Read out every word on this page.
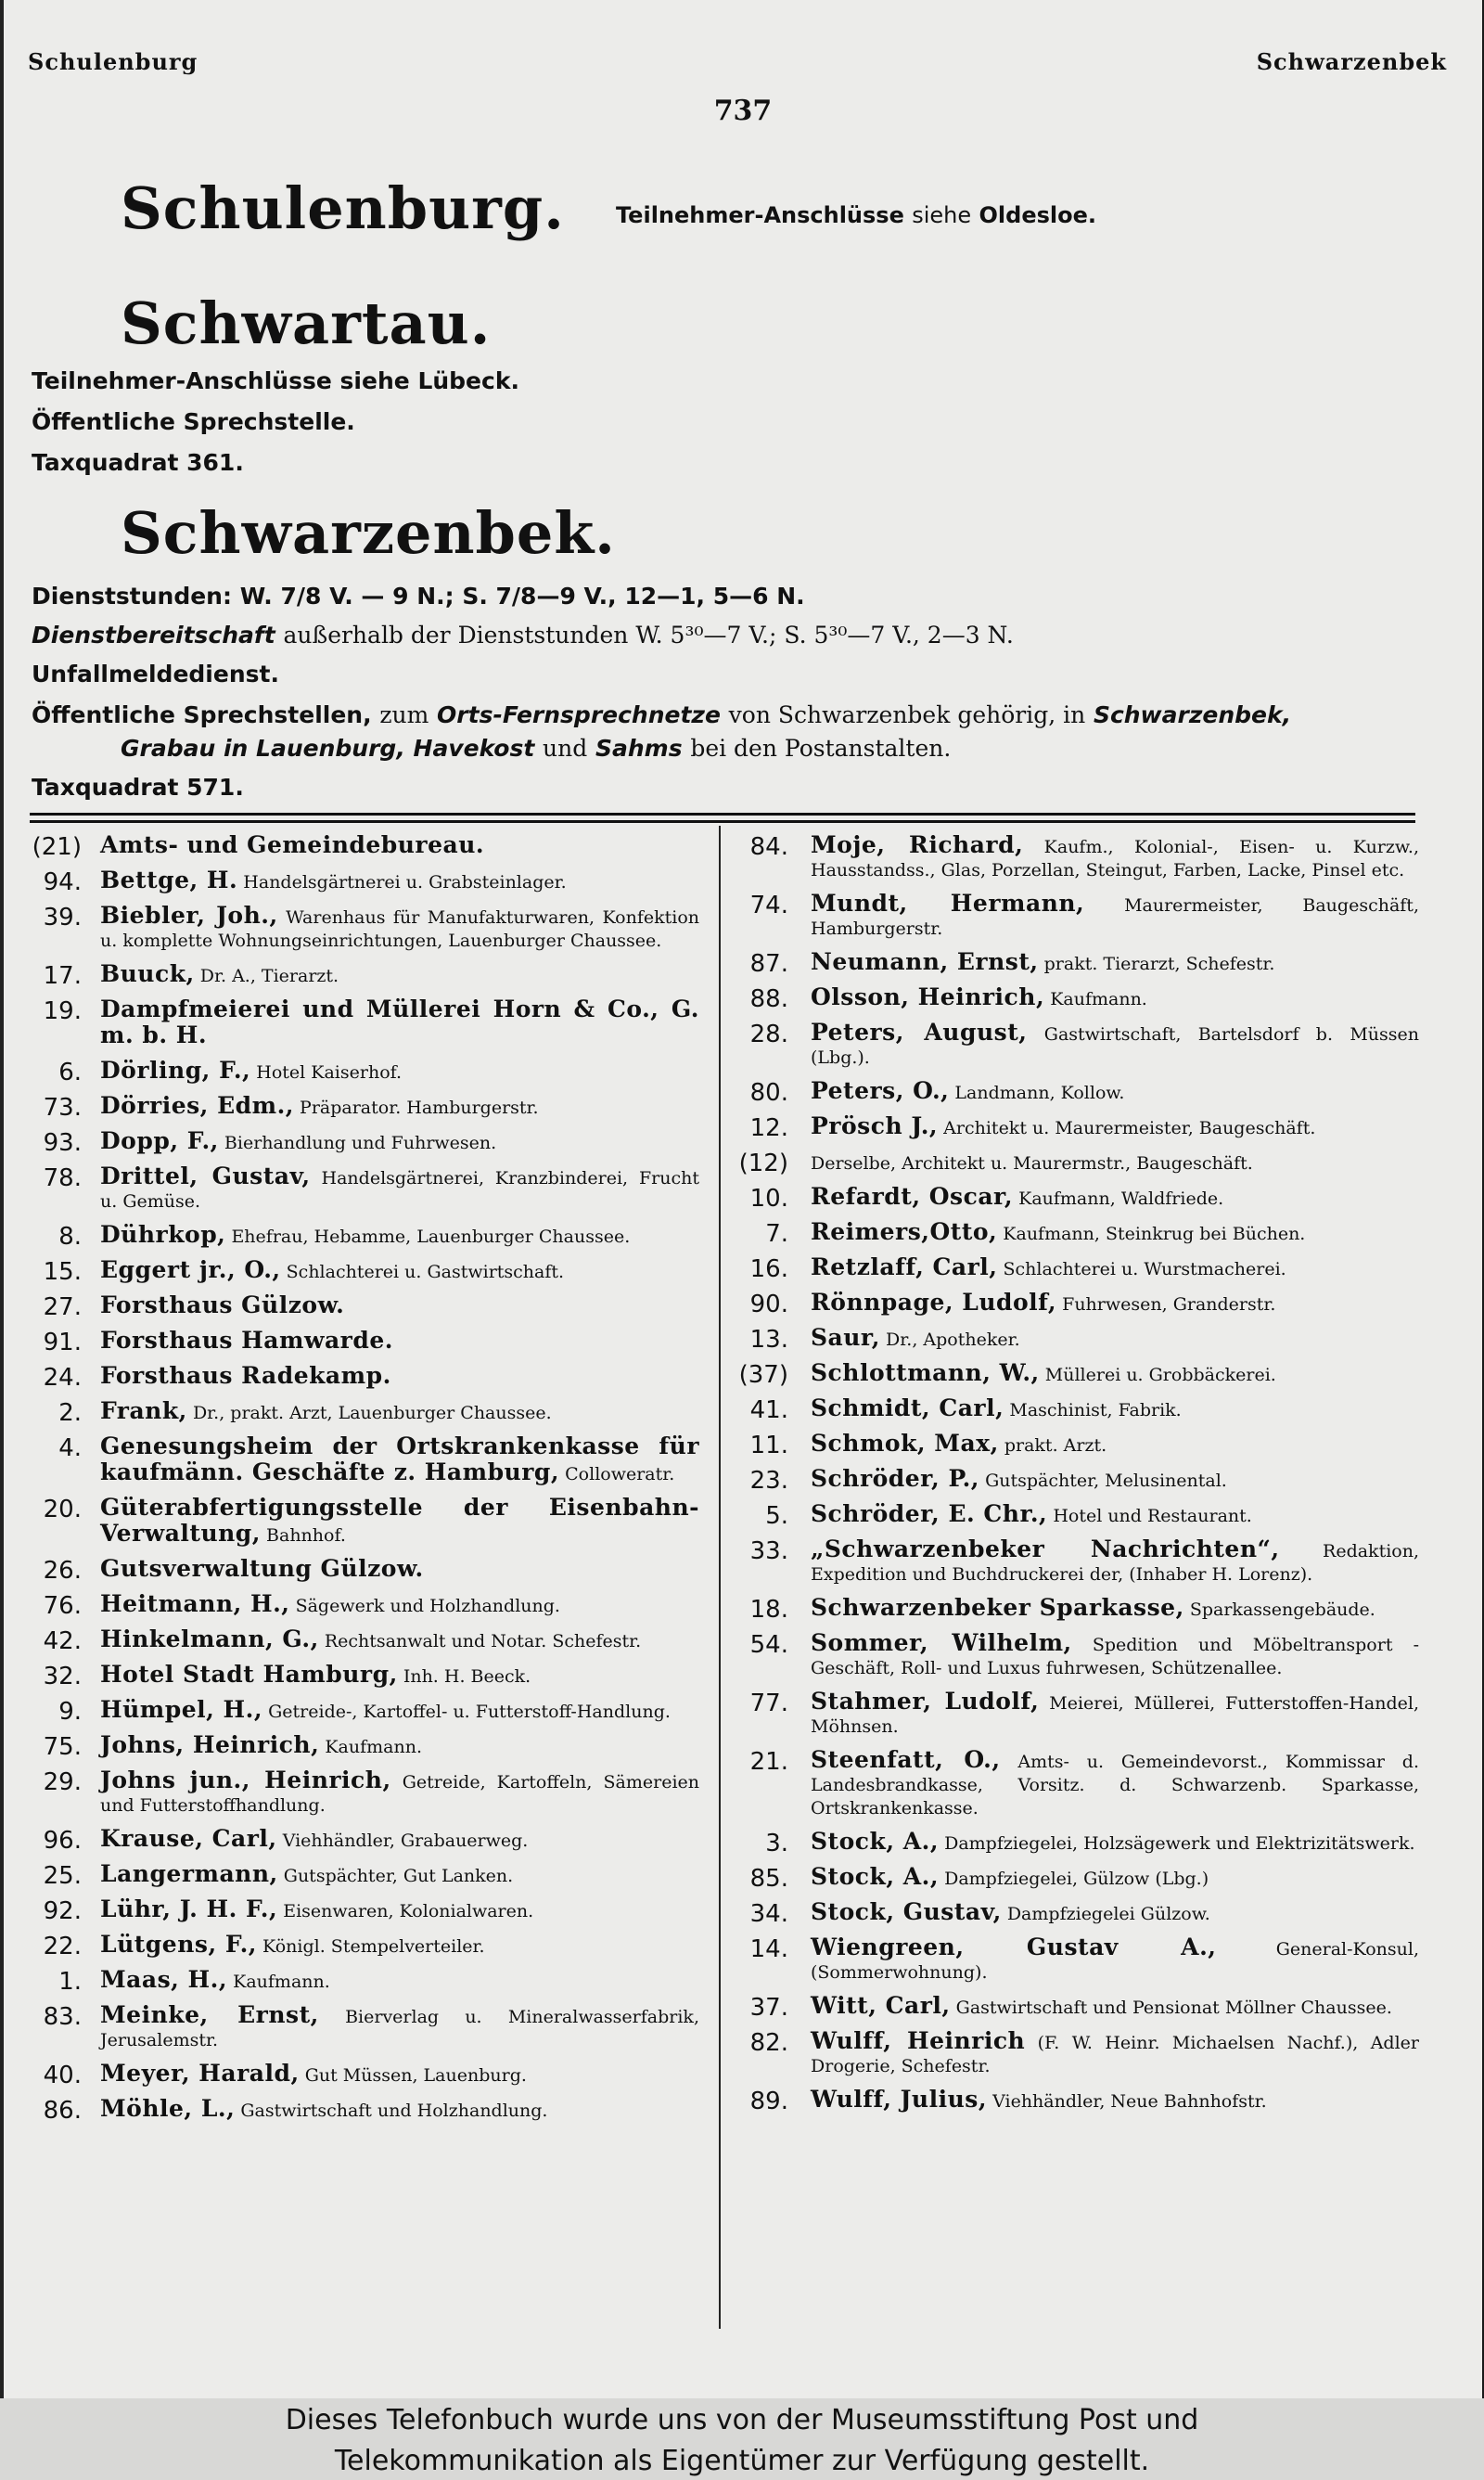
Schulenburg	Schwarzenbek
737
Schulenburg. Teilnehmer-Anschlüsse siehe Oldesloe.
Schwartau.
Teilnehmer-Anschlüsse siehe Lübeck.
Öffentliche Sprechstelle.
Taxquadrat 361.
Schwarzenbek.
Dienststunden: W. 7/8 V. — 9 N.; S. 7/8—9 V., 12—1, 5—6 N.
Dienstbereitschaft außerhalb der Dienststunden W. 5³⁰—7 V.; S. 5³⁰—7 V., 2—3 N.
Unfallmeldedienst.
Öffentliche Sprechstellen, zum Orts-Fernsprechnetze von Schwarzenbek gehörig, in Schwarzenbek,
Grabau in Lauenburg, Havekost und Sahms bei den Postanstalten.
Taxquadrat 571.
(21) Amts- und Gemeindebureau.
94. Bettge, H. Handelsgärtnerei u. Grabsteinlager.
39. Biebler, Joh., Warenhaus für Manufakturwaren, Konfektion u. komplette Wohnungseinrichtungen, Lauenburger Chaussee.
17. Buuck, Dr. A., Tierarzt.
19. Dampfmeierei und Müllerei Horn & Co., G. m. b. H.
6. Dörling, F., Hotel Kaiserhof.
73. Dörries, Edm., Präparator. Hamburgerstr.
93. Dopp, F., Bierhandlung und Fuhrwesen.
78. Drittel, Gustav, Handelsgärtnerei, Kranzbinderei, Frucht u. Gemüse.
8. Dührkop, Ehefrau, Hebamme, Lauenburger Chaussee.
15. Eggert jr., O., Schlachterei u. Gastwirtschaft.
27. Forsthaus Gülzow.
91. Forsthaus Hamwarde.
24. Forsthaus Radekamp.
2. Frank, Dr., prakt. Arzt, Lauenburger Chaussee.
4. Genesungsheim der Ortskrankenkasse für kaufmänn. Geschäfte z. Hamburg, Colloweratr.
20. Güterabfertigungsstelle der Eisenbahn-Verwaltung, Bahnhof.
26. Gutsverwaltung Gülzow.
76. Heitmann, H., Sägewerk und Holzhandlung.
42. Hinkelmann, G., Rechtsanwalt und Notar. Schefestr.
32. Hotel Stadt Hamburg, Inh. H. Beeck.
9. Hümpel, H., Getreide-, Kartoffel- u. Futterstoff-Handlung.
75. Johns, Heinrich, Kaufmann.
29. Johns jun., Heinrich, Getreide, Kartoffeln, Sämereien und Futterstoffhandlung.
96. Krause, Carl, Viehhändler, Grabauerweg.
25. Langermann, Gutspächter, Gut Lanken.
92. Lühr, J. H. F., Eisenwaren, Kolonialwaren.
22. Lütgens, F., Königl. Stempelverteiler.
1. Maas, H., Kaufmann.
83. Meinke, Ernst, Bierverlag u. Mineralwasserfabrik, Jerusalemstr.
40. Meyer, Harald, Gut Müssen, Lauenburg.
86. Möhle, L., Gastwirtschaft und Holzhandlung.
84. Moje, Richard, Kaufm., Kolonial-, Eisen- u. Kurzw., Hausstandss., Glas, Porzellan, Steingut, Farben, Lacke, Pinsel etc.
74. Mundt, Hermann, Maurermeister, Baugeschäft, Hamburgerstr.
87. Neumann, Ernst, prakt. Tierarzt, Schefestr.
88. Olsson, Heinrich, Kaufmann.
28. Peters, August, Gastwirtschaft, Bartelsdorf b. Müssen (Lbg.).
80. Peters, O., Landmann, Kollow.
12. Prösch J., Architekt u. Maurermeister, Baugeschäft.
(12) Derselbe, Architekt u. Maurermstr., Baugeschäft.
10. Refardt, Oscar, Kaufmann, Waldfriede.
7. Reimers,Otto, Kaufmann, Steinkrug bei Büchen.
16. Retzlaff, Carl, Schlachterei u. Wurstmacherei.
90. Rönnpage, Ludolf, Fuhrwesen, Granderstr.
13. Saur, Dr., Apotheker.
(37) Schlottmann, W., Müllerei u. Grobbäckerei.
41. Schmidt, Carl, Maschinist, Fabrik.
11. Schmok, Max, prakt. Arzt.
23. Schröder, P., Gutspächter, Melusinental.
5. Schröder, E. Chr., Hotel und Restaurant.
33. „Schwarzenbeker Nachrichten“, Redaktion, Expedition und Buchdruckerei der, (Inhaber H. Lorenz).
18. Schwarzenbeker Sparkasse, Sparkassengebäude.
54. Sommer, Wilhelm, Spedition und Möbeltransport - Geschäft, Roll- und Luxus fuhrwesen, Schützenallee.
77. Stahmer, Ludolf, Meierei, Müllerei, Futterstoffen-Handel, Möhnsen.
21. Steenfatt, O., Amts- u. Gemeindevorst., Kommissar d. Landesbrandkasse, Vorsitz. d. Schwarzenb. Sparkasse, Ortskrankenkasse.
3. Stock, A., Dampfziegelei, Holzsägewerk und Elektrizitätswerk.
85. Stock, A., Dampfziegelei, Gülzow (Lbg.)
34. Stock, Gustav, Dampfziegelei Gülzow.
14. Wiengreen, Gustav A.,	General-Konsul, (Sommerwohnung).
37. Witt, Carl, Gastwirtschaft und Pensionat Möllner Chaussee.
82. Wulff, Heinrich (F. W. Heinr. Michaelsen Nachf.), Adler Drogerie, Schefestr.
89. Wulff, Julius, Viehhändler, Neue Bahnhofstr.
Dieses Telefonbuch wurde uns von der Museumsstiftung Post und
Telekommunikation als Eigentümer zur Verfügung gestellt.
